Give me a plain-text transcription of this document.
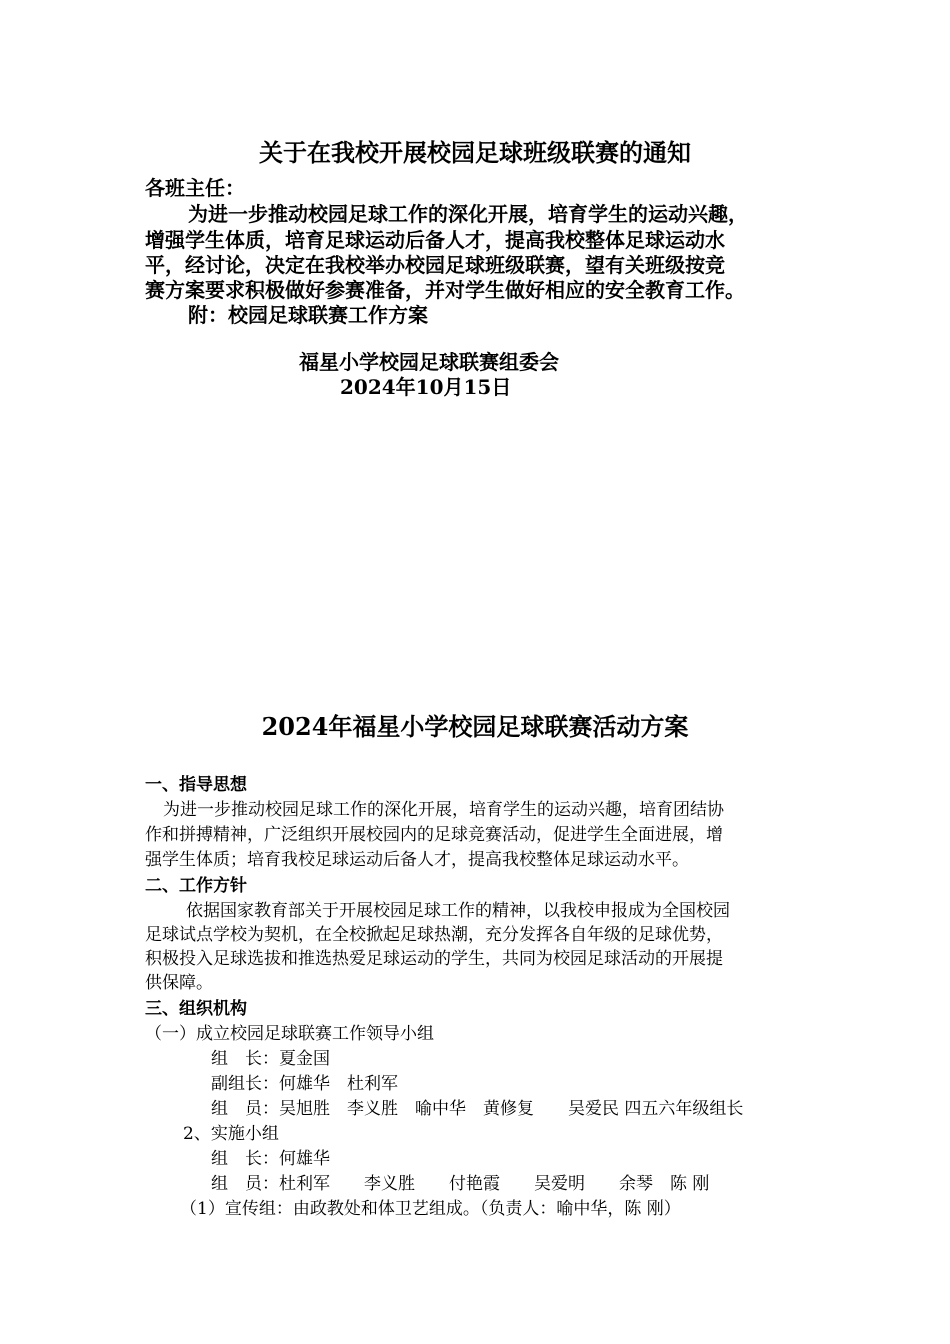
关于在我校开展校园足球班级联赛的通知
各班主任：
为进一步推动校园足球工作的深化开展，培育学生的运动兴趣，
增强学生体质，培育足球运动后备人才，提高我校整体足球运动水
平，经讨论，决定在我校举办校园足球班级联赛，望有关班级按竞
赛方案要求积极做好参赛准备，并对学生做好相应的安全教育工作。
附：校园足球联赛工作方案
福星小学校园足球联赛组委会
2024年10月15日
2024年福星小学校园足球联赛活动方案
一、指导思想
为进一步推动校园足球工作的深化开展，培育学生的运动兴趣，培育团结协
作和拼搏精神，广泛组织开展校园内的足球竞赛活动，促进学生全面进展，增
强学生体质；培育我校足球运动后备人才，提高我校整体足球运动水平。
二、工作方针
依据国家教育部关于开展校园足球工作的精神，以我校申报成为全国校园
足球试点学校为契机，在全校掀起足球热潮，充分发挥各自年级的足球优势，
积极投入足球选拔和推选热爱足球运动的学生，共同为校园足球活动的开展提
供保障。
三、组织机构
（一）成立校园足球联赛工作领导小组
组　长：夏金国
副组长：何雄华　杜利军
组　员：吴旭胜　李义胜　喻中华　黄修复　　吴爱民 四五六年级组长
2、实施小组
组　长：何雄华
组　员：杜利军　　李义胜　　付艳霞　　吴爱明　　余琴　陈 刚
（1）宣传组：由政教处和体卫艺组成。（负责人：喻中华，陈 刚）
